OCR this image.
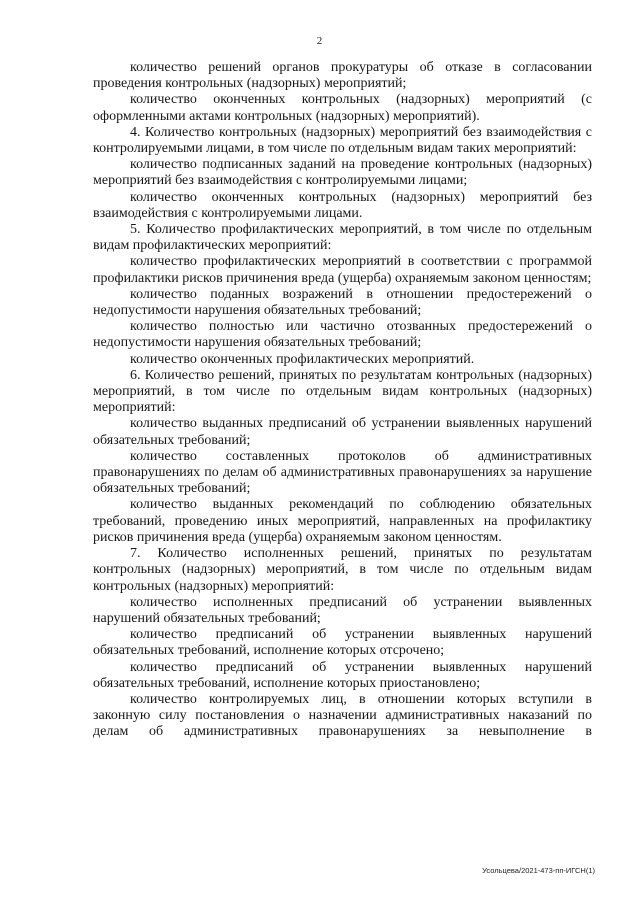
2

количество решений органов прокуратуры об отказе в согласовании проведения контрольных (надзорных) мероприятий;

количество оконченных контрольных (надзорных) мероприятий (с оформленными актами контрольных (надзорных) мероприятий).

4. Количество контрольных (надзорных) мероприятий без взаимодействия с контролируемыми лицами, в том числе по отдельным видам таких мероприятий:

количество подписанных заданий на проведение контрольных (надзорных) мероприятий без взаимодействия с контролируемыми лицами;

количество оконченных контрольных (надзорных) мероприятий без взаимодействия с контролируемыми лицами.

5. Количество профилактических мероприятий, в том числе по отдельным видам профилактических мероприятий:

количество профилактических мероприятий в соответствии с программой профилактики рисков причинения вреда (ущерба) охраняемым законом ценностям;

количество поданных возражений в отношении предостережений о недопустимости нарушения обязательных требований;

количество полностью или частично отозванных предостережений о недопустимости нарушения обязательных требований;

количество оконченных профилактических мероприятий.

6. Количество решений, принятых по результатам контрольных (надзорных) мероприятий, в том числе по отдельным видам контрольных (надзорных) мероприятий:

количество выданных предписаний об устранении выявленных нарушений обязательных требований;

количество составленных протоколов об административных правонарушениях по делам об административных правонарушениях за нарушение обязательных требований;

количество выданных рекомендаций по соблюдению обязательных требований, проведению иных мероприятий, направленных на профилактику рисков причинения вреда (ущерба) охраняемым законом ценностям.

7. Количество исполненных решений, принятых по результатам контрольных (надзорных) мероприятий, в том числе по отдельным видам контрольных (надзорных) мероприятий:

количество исполненных предписаний об устранении выявленных нарушений обязательных требований;

количество предписаний об устранении выявленных нарушений обязательных требований, исполнение которых отсрочено;

количество предписаний об устранении выявленных нарушений обязательных требований, исполнение которых приостановлено;

количество контролируемых лиц, в отношении которых вступили в законную силу постановления о назначении административных наказаний по делам об административных правонарушениях за невыполнение в

Усольцева/2021-473-пп-ИГСН(1)
